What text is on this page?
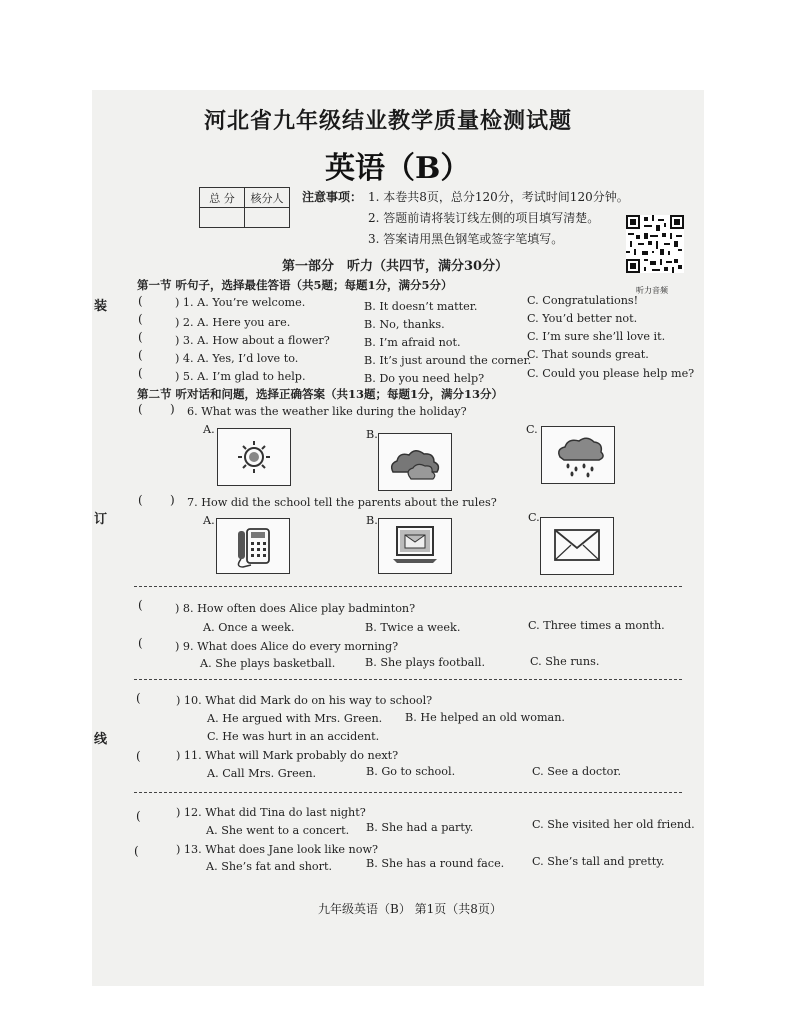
装
订
线
河北省九年级结业教学质量检测试题
英语（B）
总 分	核分人
	注意事项： 1. 本卷共8页，总分120分，考试时间120分钟。
2. 答题前请将装订线左侧的项目填写清楚。
3. 答案请用黑色钢笔或签字笔填写。
听力音频
第一部分　听力（共四节，满分30分）
第一节 听句子，选择最佳答语（共5题；每题1分，满分5分）
(	) 1. A. You’re welcome.	B. It doesn’t matter.	C. Congratulations!
(	) 2. A. Here you are.	B. No, thanks.	C. You’d better not.
(	) 3. A. How about a flower?	B. I’m afraid not.	C. I’m sure she’ll love it.
(	) 4. A. Yes, I’d love to.	B. It’s just around the corner.
C. That sounds great.
(	) 5. A. I’m glad to help.	B. Do you need help?	C. Could you please help me?
第二节 听对话和问题，选择正确答案（共13题；每题1分，满分13分）
( ) 6. What was the weather like during the holiday?
A.	B.	C.
( ) 7. How did the school tell the parents about the rules?
A.	B.	C.
(	) 8. How often does Alice play badminton?
A. Once a week.	B. Twice a week.	C. Three times a month.
(	) 9. What does Alice do every morning?
A. She plays basketball.	B. She plays football.	C. She runs.
(	) 10. What did Mark do on his way to school?
A. He argued with Mrs. Green. B. He helped an old woman.
C. He was hurt in an accident.
(	) 11. What will Mark probably do next?
A. Call Mrs. Green.	B. Go to school.	C. See a doctor.
(	) 12. What did Tina do last night?
A. She went to a concert. B. She had a party.	C. She visited her old friend.
(	) 13. What does Jane look like now?
A. She’s fat and short.	B. She has a round face. C. She’s tall and pretty.
九年级英语（B） 第1页（共8页）
